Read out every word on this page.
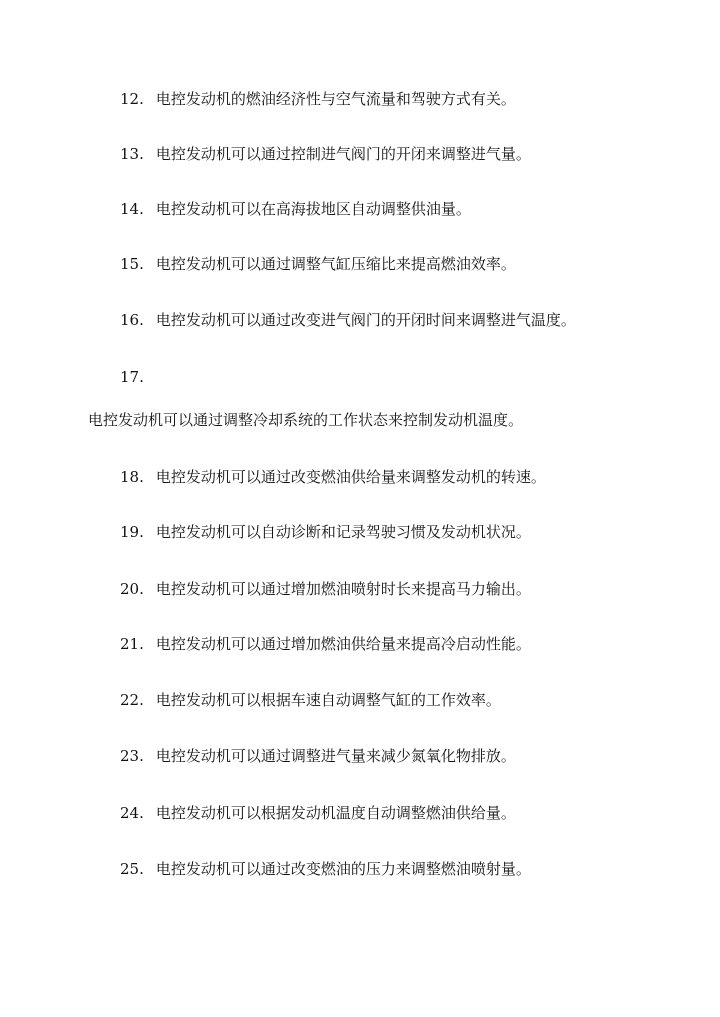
12. 电控发动机的燃油经济性与空气流量和驾驶方式有关。
13. 电控发动机可以通过控制进气阀门的开闭来调整进气量。
14. 电控发动机可以在高海拔地区自动调整供油量。
15. 电控发动机可以通过调整气缸压缩比来提高燃油效率。
16. 电控发动机可以通过改变进气阀门的开闭时间来调整进气温度。
17.
电控发动机可以通过调整冷却系统的工作状态来控制发动机温度。
18. 电控发动机可以通过改变燃油供给量来调整发动机的转速。
19. 电控发动机可以自动诊断和记录驾驶习惯及发动机状况。
20. 电控发动机可以通过增加燃油喷射时长来提高马力输出。
21. 电控发动机可以通过增加燃油供给量来提高冷启动性能。
22. 电控发动机可以根据车速自动调整气缸的工作效率。
23. 电控发动机可以通过调整进气量来减少氮氧化物排放。
24. 电控发动机可以根据发动机温度自动调整燃油供给量。
25. 电控发动机可以通过改变燃油的压力来调整燃油喷射量。
